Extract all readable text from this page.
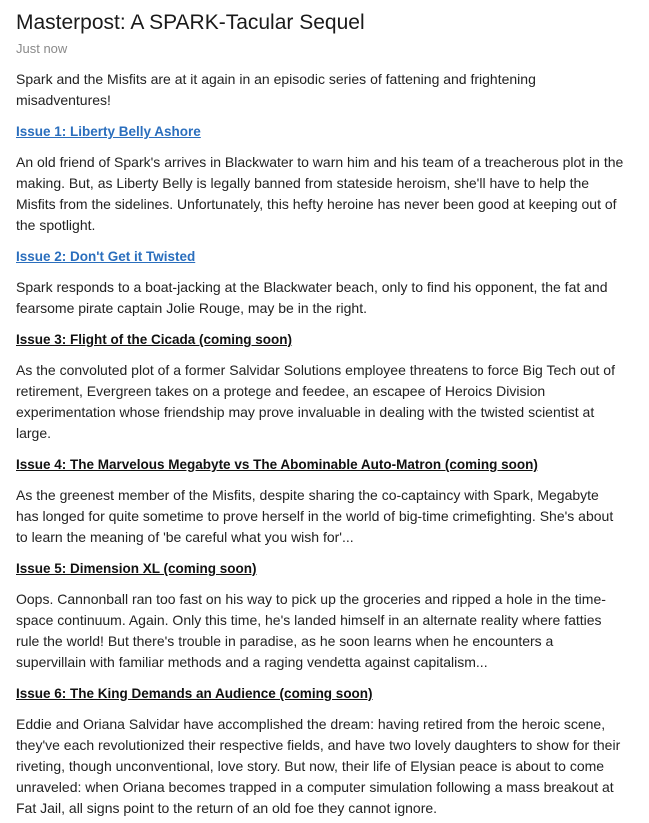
Masterpost: A SPARK-Tacular Sequel
Just now

Spark and the Misfits are at it again in an episodic series of fattening and frightening misadventures!

Issue 1: Liberty Belly Ashore

An old friend of Spark's arrives in Blackwater to warn him and his team of a treacherous plot in the making. But, as Liberty Belly is legally banned from stateside heroism, she'll have to help the Misfits from the sidelines. Unfortunately, this hefty heroine has never been good at keeping out of the spotlight.

Issue 2: Don't Get it Twisted

Spark responds to a boat-jacking at the Blackwater beach, only to find his opponent, the fat and fearsome pirate captain Jolie Rouge, may be in the right.

Issue 3: Flight of the Cicada (coming soon)

As the convoluted plot of a former Salvidar Solutions employee threatens to force Big Tech out of retirement, Evergreen takes on a protege and feedee, an escapee of Heroics Division experimentation whose friendship may prove invaluable in dealing with the twisted scientist at large.

Issue 4: The Marvelous Megabyte vs The Abominable Auto-Matron (coming soon)

As the greenest member of the Misfits, despite sharing the co-captaincy with Spark, Megabyte has longed for quite sometime to prove herself in the world of big-time crimefighting. She's about to learn the meaning of 'be careful what you wish for'...

Issue 5: Dimension XL (coming soon)

Oops. Cannonball ran too fast on his way to pick up the groceries and ripped a hole in the time-space continuum. Again. Only this time, he's landed himself in an alternate reality where fatties rule the world! But there's trouble in paradise, as he soon learns when he encounters a supervillain with familiar methods and a raging vendetta against capitalism...

Issue 6: The King Demands an Audience (coming soon)

Eddie and Oriana Salvidar have accomplished the dream: having retired from the heroic scene, they've each revolutionized their respective fields, and have two lovely daughters to show for their riveting, though unconventional, love story. But now, their life of Elysian peace is about to come unraveled: when Oriana becomes trapped in a computer simulation following a mass breakout at Fat Jail, all signs point to the return of an old foe they cannot ignore.
